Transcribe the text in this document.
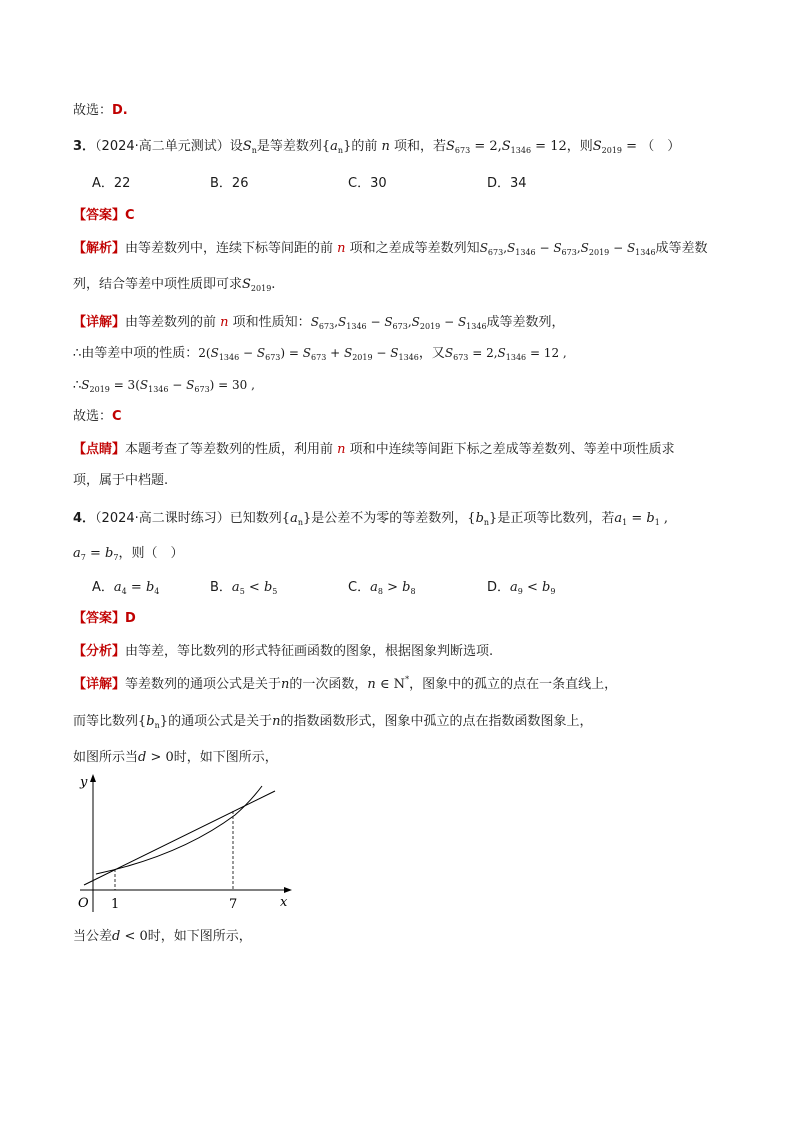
故选：D.
3．（2024·高二单元测试）设$S_n$是等差数列$\{a_n\}$的前 n 项和，若$S_{673} = 2,S_{1346} = 12$，则$S_{2019}$ = （　）
A．22	B．26	C．30	D．34
【答案】C
【解析】由等差数列中，连续下标等间距的前 n 项和之差成等差数列知$S_{673},S_{1346} - S_{673},S_{2019} - S_{1346}$成等差数
列，结合等差中项性质即可求$S_{2019}$.
【详解】由等差数列的前 n 项和性质知：$S_{673},S_{1346} - S_{673},S_{2019} - S_{1346}$成等差数列，
∴由等差中项的性质：$2(S_{1346} - S_{673}) = S_{673} + S_{2019} - S_{1346}$，又$S_{673} = 2,S_{1346} = 12$ ,
$\therefore S_{2019} = 3(S_{1346} - S_{673}) = 30$ ,
故选：C
【点睛】本题考查了等差数列的性质，利用前 n 项和中连续等间距下标之差成等差数列、等差中项性质求
项，属于中档题.
4．（2024·高二课时练习）已知数列$\{a_n\}$是公差不为零的等差数列，$\{b_n\}$是正项等比数列，若$a_1 = b_1$ ,
$a_7 = b_7$，则（　）
A．$a_4 = b_4$	B．$a_5 < b_5$	C．$a_8 > b_8$	D．$a_9 < b_9$
【答案】D
【分析】由等差，等比数列的形式特征画函数的图象，根据图象判断选项.
【详解】等差数列的通项公式是关于n的一次函数，n ∈ N*，图象中的孤立的点在一条直线上，
而等比数列$\{b_n\}$的通项公式是关于n的指数函数形式，图象中孤立的点在指数函数图象上，
如图所示当d > 0时，如下图所示，
y
x
O 1	7
当公差d < 0时，如下图所示，
